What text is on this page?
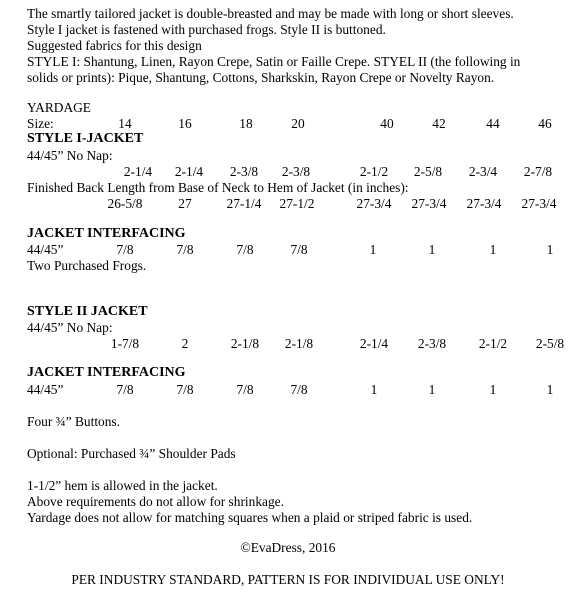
The smartly tailored jacket is double-breasted and may be made with long or short sleeves.
Style I jacket is fastened with purchased frogs. Style II is buttoned.
Suggested fabrics for this design
STYLE I: Shantung, Linen, Rayon Crepe, Satin or Faille Crepe. STYEL II (the following in
solids or prints): Pique, Shantung, Cottons, Sharkskin, Rayon Crepe or Novelty Rayon.
YARDAGE
Size:	14	16	18	20	40	42	44	46
STYLE I-JACKET
44/45” No Nap:
2-1/4 2-1/4 2-3/8 2-3/8	2-1/2 2-5/8 2-3/4 2-7/8
Finished Back Length from Base of Neck to Hem of Jacket (in inches):
26-5/8	27	27-1/4 27-1/2	27-3/4 27-3/4 27-3/4 27-3/4
JACKET INTERFACING
44/45”	7/8	7/8	7/8	7/8	1	1	1	1
Two Purchased Frogs.
STYLE II JACKET
44/45” No Nap:
1-7/8	2	2-1/8 2-1/8	2-1/4 2-3/8 2-1/2 2-5/8
JACKET INTERFACING
44/45”	7/8	7/8	7/8	7/8	1	1	1	1
Four ¾” Buttons.
Optional: Purchased ¾” Shoulder Pads
1-1/2” hem is allowed in the jacket.
Above requirements do not allow for shrinkage.
Yardage does not allow for matching squares when a plaid or striped fabric is used.
©EvaDress, 2016
PER INDUSTRY STANDARD, PATTERN IS FOR INDIVIDUAL USE ONLY!
